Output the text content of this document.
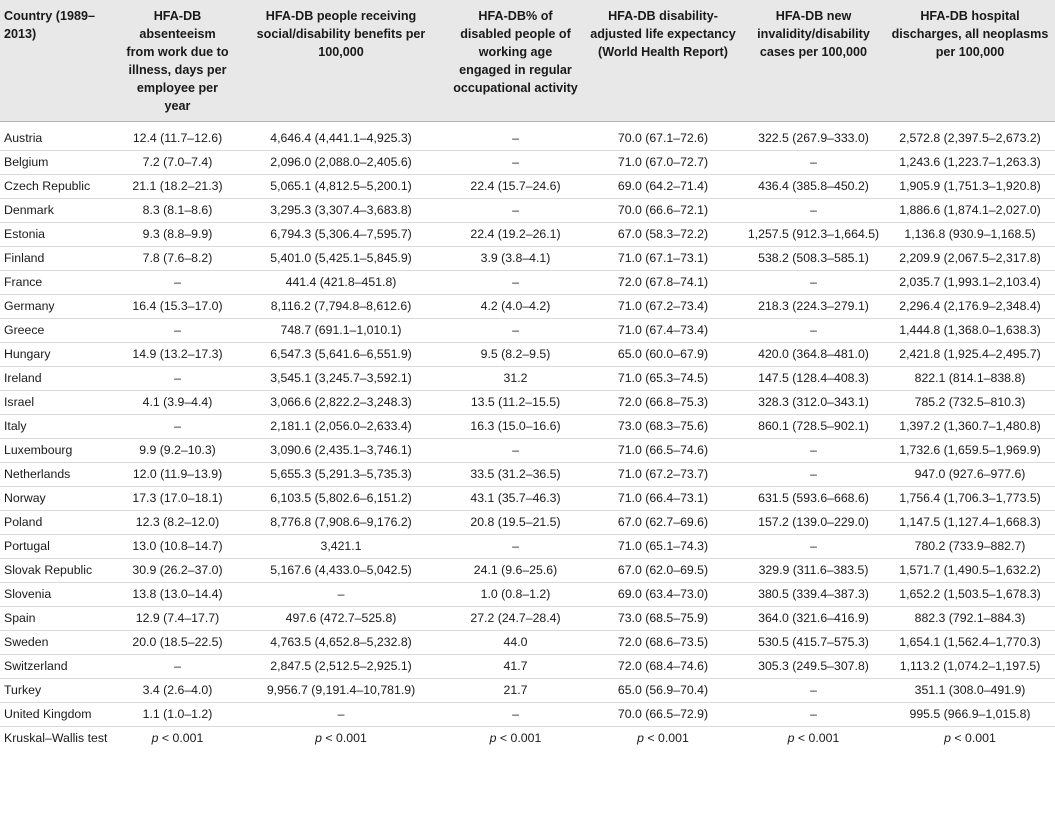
Country (1989–2013)	HFA-DB absenteeism from work due to illness, days per employee per year	HFA-DB people receiving social/disability benefits per 100,000	HFA-DB% of disabled people of working age engaged in regular occupational activity	HFA-DB disability-adjusted life expectancy (World Health Report)	HFA-DB new invalidity/disability cases per 100,000	HFA-DB hospital discharges, all neoplasms per 100,000
Austria	12.4 (11.7–12.6)	4,646.4 (4,441.1–4,925.3)	–	70.0 (67.1–72.6)	322.5 (267.9–333.0)	2,572.8 (2,397.5–2,673.2)
Belgium	7.2 (7.0–7.4)	2,096.0 (2,088.0–2,405.6)	–	71.0 (67.0–72.7)	–	1,243.6 (1,223.7–1,263.3)
Czech Republic	21.1 (18.2–21.3)	5,065.1 (4,812.5–5,200.1)	22.4 (15.7–24.6)	69.0 (64.2–71.4)	436.4 (385.8–450.2)	1,905.9 (1,751.3–1,920.8)
Denmark	8.3 (8.1–8.6)	3,295.3 (3,307.4–3,683.8)	–	70.0 (66.6–72.1)	–	1,886.6 (1,874.1–2,027.0)
Estonia	9.3 (8.8–9.9)	6,794.3 (5,306.4–7,595.7)	22.4 (19.2–26.1)	67.0 (58.3–72.2)	1,257.5 (912.3–1,664.5)	1,136.8 (930.9–1,168.5)
Finland	7.8 (7.6–8.2)	5,401.0 (5,425.1–5,845.9)	3.9 (3.8–4.1)	71.0 (67.1–73.1)	538.2 (508.3–585.1)	2,209.9 (2,067.5–2,317.8)
France	–	441.4 (421.8–451.8)	–	72.0 (67.8–74.1)	–	2,035.7 (1,993.1–2,103.4)
Germany	16.4 (15.3–17.0)	8,116.2 (7,794.8–8,612.6)	4.2 (4.0–4.2)	71.0 (67.2–73.4)	218.3 (224.3–279.1)	2,296.4 (2,176.9–2,348.4)
Greece	–	748.7 (691.1–1,010.1)	–	71.0 (67.4–73.4)	–	1,444.8 (1,368.0–1,638.3)
Hungary	14.9 (13.2–17.3)	6,547.3 (5,641.6–6,551.9)	9.5 (8.2–9.5)	65.0 (60.0–67.9)	420.0 (364.8–481.0)	2,421.8 (1,925.4–2,495.7)
Ireland	–	3,545.1 (3,245.7–3,592.1)	31.2	71.0 (65.3–74.5)	147.5 (128.4–408.3)	822.1 (814.1–838.8)
Israel	4.1 (3.9–4.4)	3,066.6 (2,822.2–3,248.3)	13.5 (11.2–15.5)	72.0 (66.8–75.3)	328.3 (312.0–343.1)	785.2 (732.5–810.3)
Italy	–	2,181.1 (2,056.0–2,633.4)	16.3 (15.0–16.6)	73.0 (68.3–75.6)	860.1 (728.5–902.1)	1,397.2 (1,360.7–1,480.8)
Luxembourg	9.9 (9.2–10.3)	3,090.6 (2,435.1–3,746.1)	–	71.0 (66.5–74.6)	–	1,732.6 (1,659.5–1,969.9)
Netherlands	12.0 (11.9–13.9)	5,655.3 (5,291.3–5,735.3)	33.5 (31.2–36.5)	71.0 (67.2–73.7)	–	947.0 (927.6–977.6)
Norway	17.3 (17.0–18.1)	6,103.5 (5,802.6–6,151.2)	43.1 (35.7–46.3)	71.0 (66.4–73.1)	631.5 (593.6–668.6)	1,756.4 (1,706.3–1,773.5)
Poland	12.3 (8.2–12.0)	8,776.8 (7,908.6–9,176.2)	20.8 (19.5–21.5)	67.0 (62.7–69.6)	157.2 (139.0–229.0)	1,147.5 (1,127.4–1,668.3)
Portugal	13.0 (10.8–14.7)	3,421.1	–	71.0 (65.1–74.3)	–	780.2 (733.9–882.7)
Slovak Republic	30.9 (26.2–37.0)	5,167.6 (4,433.0–5,042.5)	24.1 (9.6–25.6)	67.0 (62.0–69.5)	329.9 (311.6–383.5)	1,571.7 (1,490.5–1,632.2)
Slovenia	13.8 (13.0–14.4)	–	1.0 (0.8–1.2)	69.0 (63.4–73.0)	380.5 (339.4–387.3)	1,652.2 (1,503.5–1,678.3)
Spain	12.9 (7.4–17.7)	497.6 (472.7–525.8)	27.2 (24.7–28.4)	73.0 (68.5–75.9)	364.0 (321.6–416.9)	882.3 (792.1–884.3)
Sweden	20.0 (18.5–22.5)	4,763.5 (4,652.8–5,232.8)	44.0	72.0 (68.6–73.5)	530.5 (415.7–575.3)	1,654.1 (1,562.4–1,770.3)
Switzerland	–	2,847.5 (2,512.5–2,925.1)	41.7	72.0 (68.4–74.6)	305.3 (249.5–307.8)	1,113.2 (1,074.2–1,197.5)
Turkey	3.4 (2.6–4.0)	9,956.7 (9,191.4–10,781.9)	21.7	65.0 (56.9–70.4)	–	351.1 (308.0–491.9)
United Kingdom	1.1 (1.0–1.2)	–	–	70.0 (66.5–72.9)	–	995.5 (966.9–1,015.8)
Kruskal–Wallis test	p < 0.001	p < 0.001	p < 0.001	p < 0.001	p < 0.001	p < 0.001
